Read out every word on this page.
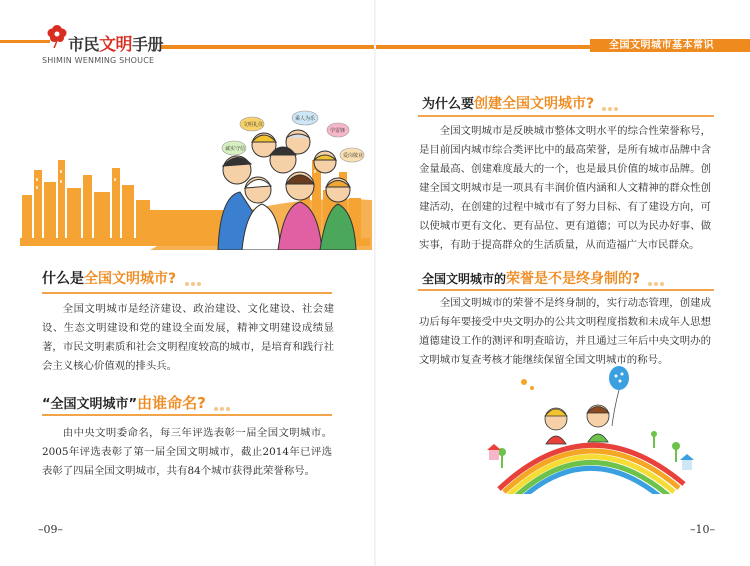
全国文明城市基本常识
市民文明手册
SHIMIN WENMING SHOUCE
文明礼仪
乘人为乐
学雷锋
诚实守信
爱岗敬业
什么是全国文明城市?
全国文明城市是经济建设、政治建设、文化建设、社会建设、生态文明建设和党的建设全面发展，精神文明建设成绩显著，市民文明素质和社会文明程度较高的城市，是培育和践行社会主义核心价值观的排头兵。
“全国文明城市”由谁命名?
由中央文明委命名，每三年评选表彰一届全国文明城市。2005年评选表彰了第一届全国文明城市，截止2014年已评选表彰了四届全国文明城市，共有84个城市获得此荣誉称号。
–09–
为什么要创建全国文明城市?
全国文明城市是反映城市整体文明水平的综合性荣誉称号，是目前国内城市综合类评比中的最高荣誉，是所有城市品牌中含金量最高、创建难度最大的一个，也是最具价值的城市品牌。创建全国文明城市是一项具有丰润价值内涵和人文精神的群众性创建活动，在创建的过程中城市有了努力目标、有了建设方向，可以使城市更有文化、更有品位、更有道德；可以为民办好事、做实事，有助于提高群众的生活质量，从而造福广大市民群众。
全国文明城市的荣誉是不是终身制的?
全国文明城市的荣誉不是终身制的，实行动态管理，创建成功后每年要接受中央文明办的公共文明程度指数和未成年人思想道德建设工作的测评和明查暗访，并且通过三年后中央文明办的文明城市复查考核才能继续保留全国文明城市的称号。
–10–
